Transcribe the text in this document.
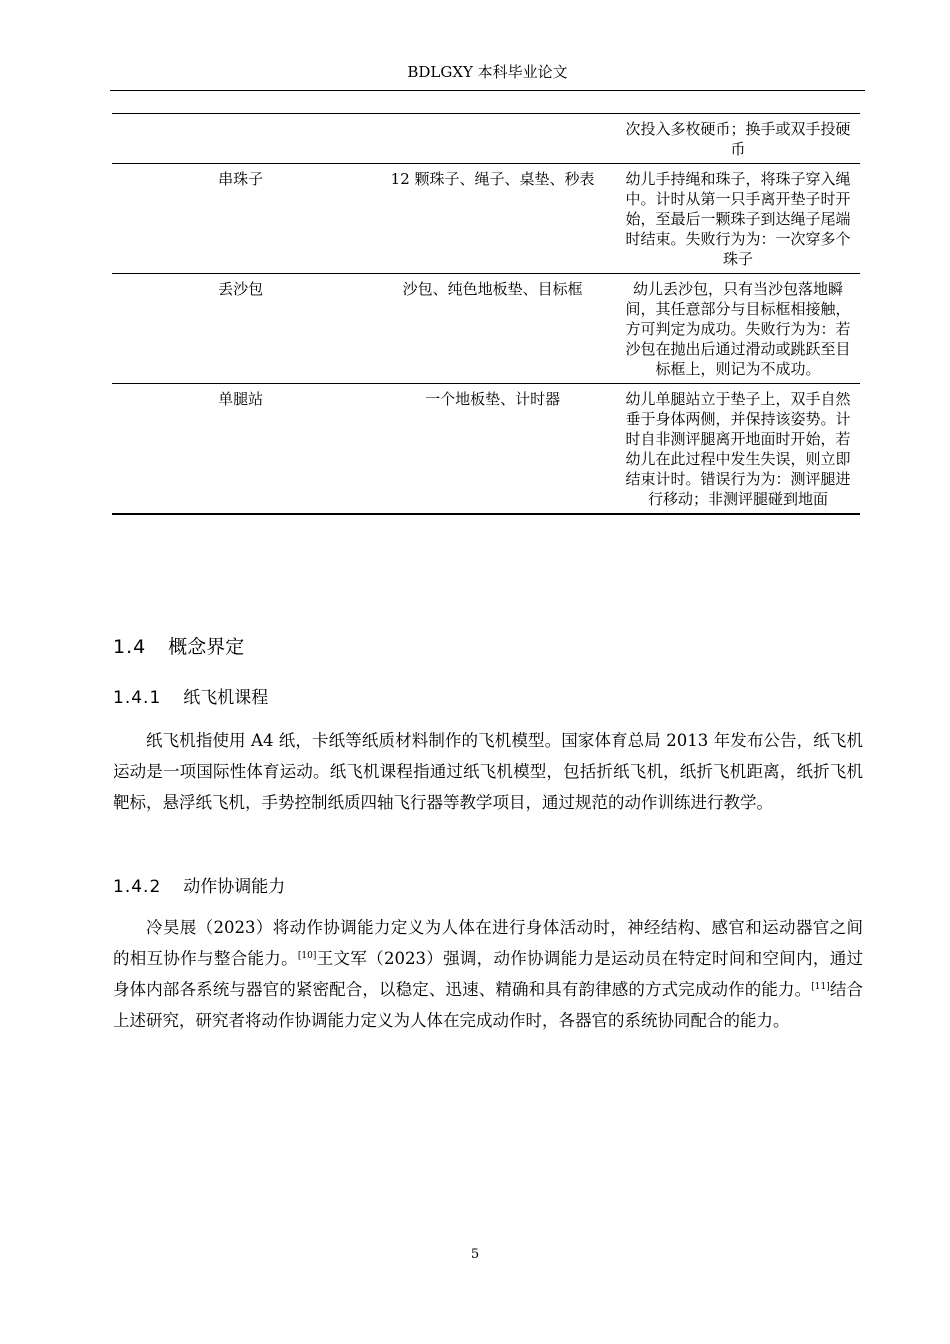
BDLGXY 本科毕业论文
		次投入多枚硬币；换手或双手投硬币
串珠子	12 颗珠子、绳子、桌垫、秒表	幼儿手持绳和珠子，将珠子穿入绳中。计时从第一只手离开垫子时开始，至最后一颗珠子到达绳子尾端时结束。失败行为为：一次穿多个珠子
丢沙包	沙包、纯色地板垫、目标框	幼儿丢沙包，只有当沙包落地瞬间，其任意部分与目标框相接触，方可判定为成功。失败行为为：若沙包在抛出后通过滑动或跳跃至目标框上，则记为不成功。
单腿站	一个地板垫、计时器	幼儿单腿站立于垫子上，双手自然垂于身体两侧，并保持该姿势。计时自非测评腿离开地面时开始，若幼儿在此过程中发生失误，则立即结束计时。错误行为为：测评腿进行移动；非测评腿碰到地面
1.4 概念界定
1.4.1 纸飞机课程
纸飞机指使用 A4 纸，卡纸等纸质材料制作的飞机模型。国家体育总局 2013 年发布公告，纸飞机运动是一项国际性体育运动。纸飞机课程指通过纸飞机模型，包括折纸飞机，纸折飞机距离，纸折飞机靶标，悬浮纸飞机，手势控制纸质四轴飞行器等教学项目，通过规范的动作训练进行教学。
1.4.2 动作协调能力
冷昊展（2023）将动作协调能力定义为人体在进行身体活动时，神经结构、感官和运动器官之间的相互协作与整合能力。[10]王文军（2023）强调，动作协调能力是运动员在特定时间和空间内，通过身体内部各系统与器官的紧密配合，以稳定、迅速、精确和具有韵律感的方式完成动作的能力。[11]结合上述研究，研究者将动作协调能力定义为人体在完成动作时，各器官的系统协同配合的能力。
5
